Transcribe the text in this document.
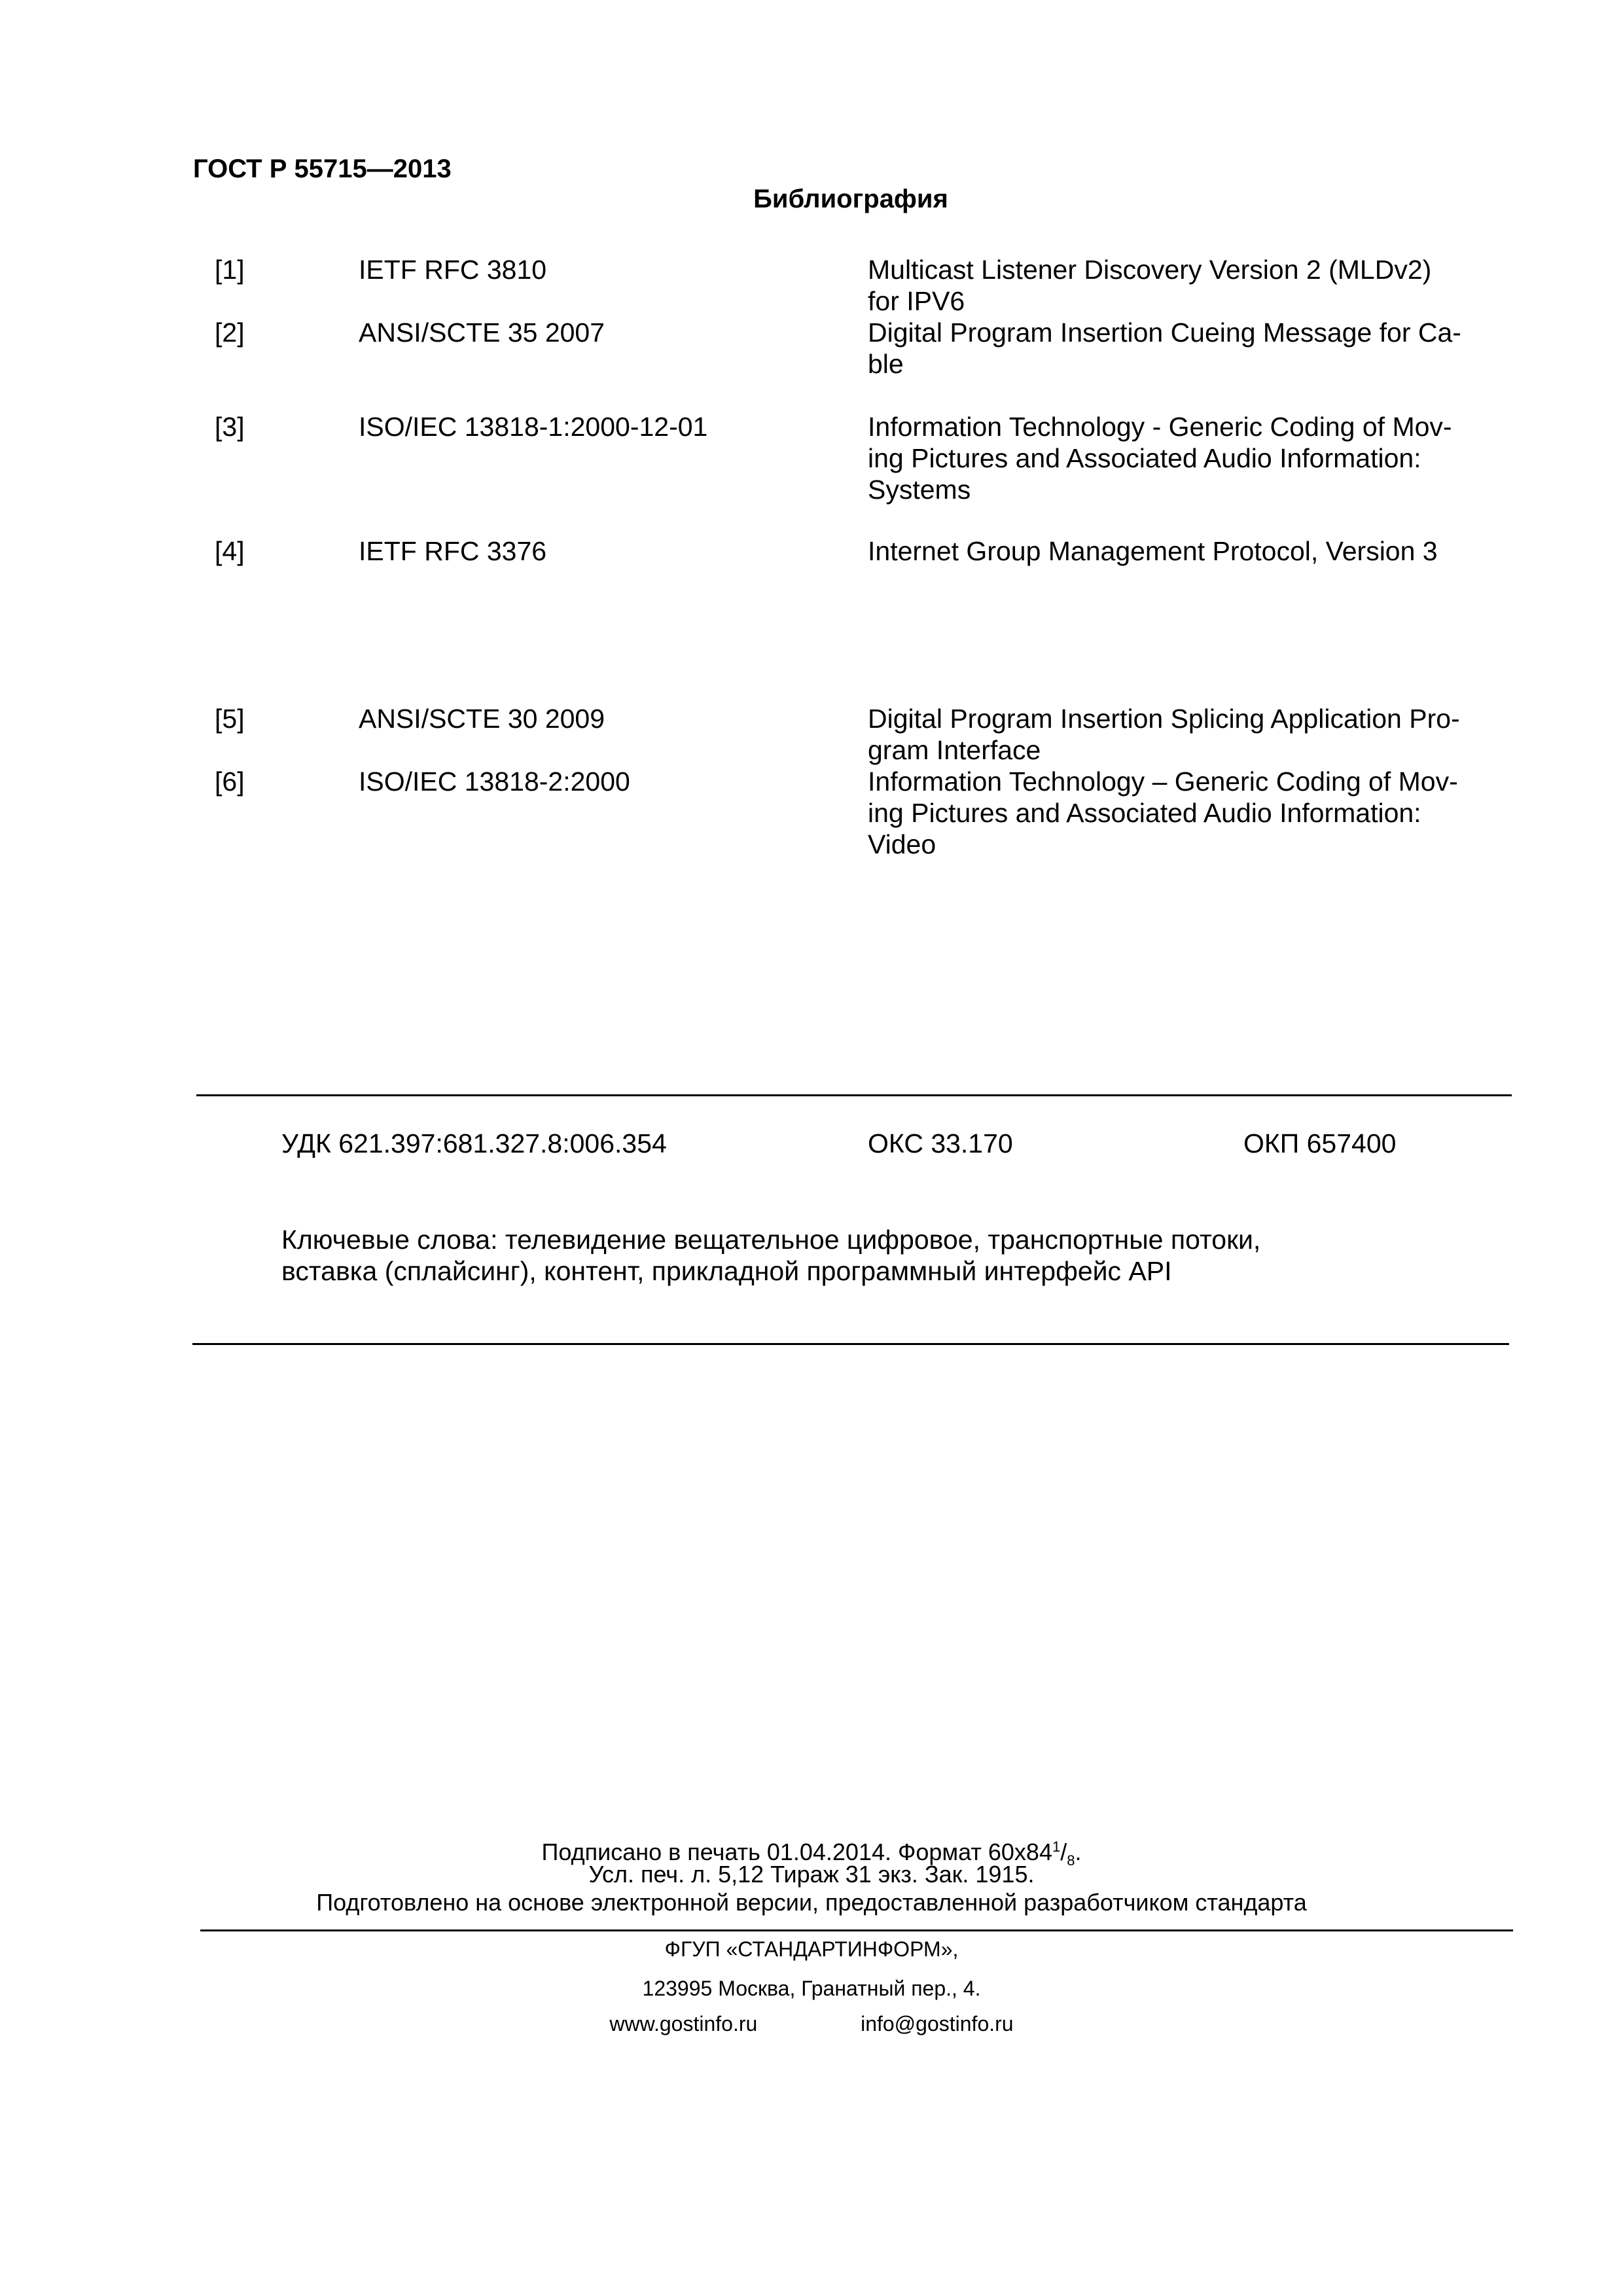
ГОСТ Р 55715—2013
Библиография
[1]	IETF RFC 3810	Multicast Listener Discovery Version 2 (MLDv2)
for IPV6
[2]	ANSI/SCTE 35 2007	Digital Program Insertion Cueing Message for Ca-
ble
[3]	ISO/IEC 13818-1:2000-12-01	Information Technology - Generic Coding of Mov-
ing Pictures and Associated Audio Information:
Systems
[4]	IETF RFC 3376	Internet Group Management Protocol, Version 3
[5]	ANSI/SCTE 30 2009	Digital Program Insertion Splicing Application Pro-
gram Interface
[6]	ISO/IEC 13818-2:2000	Information Technology – Generic Coding of Mov-
ing Pictures and Associated Audio Information:
Video
УДК 621.397:681.327.8:006.354	ОКС 33.170	ОКП 657400
Ключевые слова: телевидение вещательное цифровое, транспортные потоки,
вставка (сплайсинг), контент, прикладной программный интерфейс API
Подписано в печать 01.04.2014. Формат $60x84^1/_8$.
Усл. печ. л. 5,12 Тираж 31 экз. Зак. 1915.
Подготовлено на основе электронной версии, предоставленной разработчиком стандарта
ФГУП «СТАНДАРТИНФОРМ»,
123995 Москва, Гранатный пер., 4.
www.gostinfo.ru	info@gostinfo.ru
